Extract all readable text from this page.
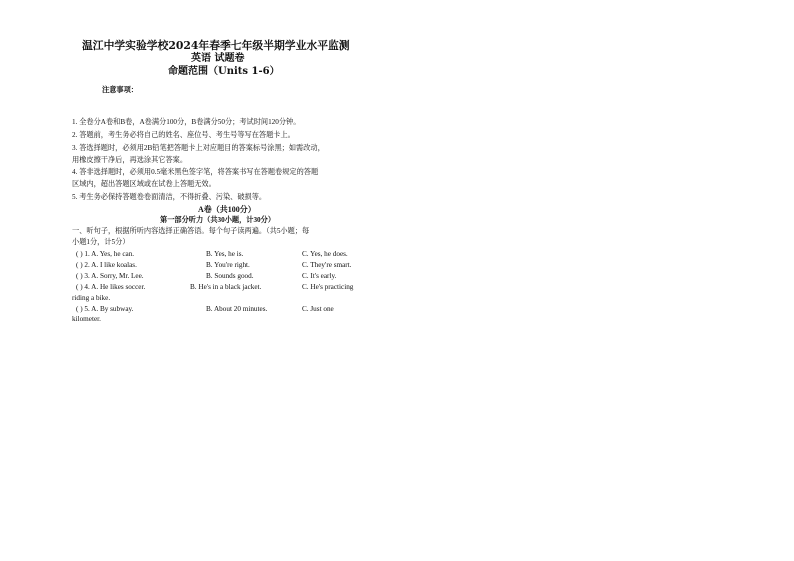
温江中学实验学校2024年春季七年级半期学业水平监测
英语 试题卷
命题范围（Units 1-6）
注意事项：
1. 全卷分A卷和B卷，A卷满分100分，B卷满分50分；考试时间120分钟。
2. 答题前，考生务必将自己的姓名、座位号、考生号等写在答题卡上。
3. 答选择题时，必须用2B铅笔把答题卡上对应题目的答案标号涂黑；如需改动，
用橡皮擦干净后，再选涂其它答案。
4. 答非选择题时，必须用0.5毫米黑色签字笔，将答案书写在答题卷规定的答题
区域内，超出答题区域或在试卷上答题无效。
5. 考生务必保持答题卷卷面清洁，不得折叠、污染、破损等。
A卷（共100分）
第一部分听力（共30小题，计30分）
一、听句子，根据所听内容选择正确答语。每个句子读两遍。（共5小题；每
小题1分，计5分）
( ) 1. A. Yes, he can.	B. Yes, he is.	C. Yes, he does.
( ) 2. A. I like koalas.	B. You're right.	C. They're smart.
( ) 3. A. Sorry, Mr. Lee.	B. Sounds good.	C. It's early.
( ) 4. A. He likes soccer.	B. He's in a black jacket.	C. He's practicing
riding a bike.
( ) 5. A. By subway.	B. About 20 minutes.	C. Just one
kilometer.
